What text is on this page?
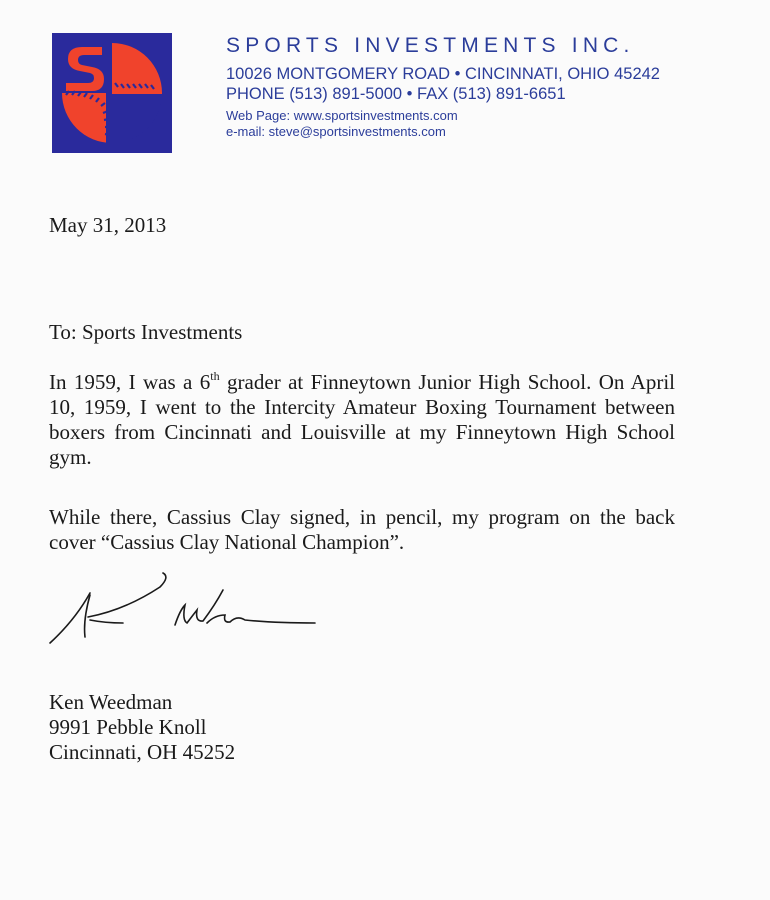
SPORTS INVESTMENTS INC.
10026 MONTGOMERY ROAD • CINCINNATI, OHIO 45242
PHONE (513) 891-5000 • FAX (513) 891-6651
Web Page: www.sportsinvestments.com
e-mail: steve@sportsinvestments.com
May 31, 2013
To: Sports Investments
In 1959, I was a 6th grader at Finneytown Junior High School. On April 10, 1959, I went to the Intercity Amateur Boxing Tournament between boxers from Cincinnati and Louisville at my Finneytown High School gym.
While there, Cassius Clay signed, in pencil, my program on the back cover “Cassius Clay National Champion”.
Ken Weedman
9991 Pebble Knoll
Cincinnati, OH 45252
